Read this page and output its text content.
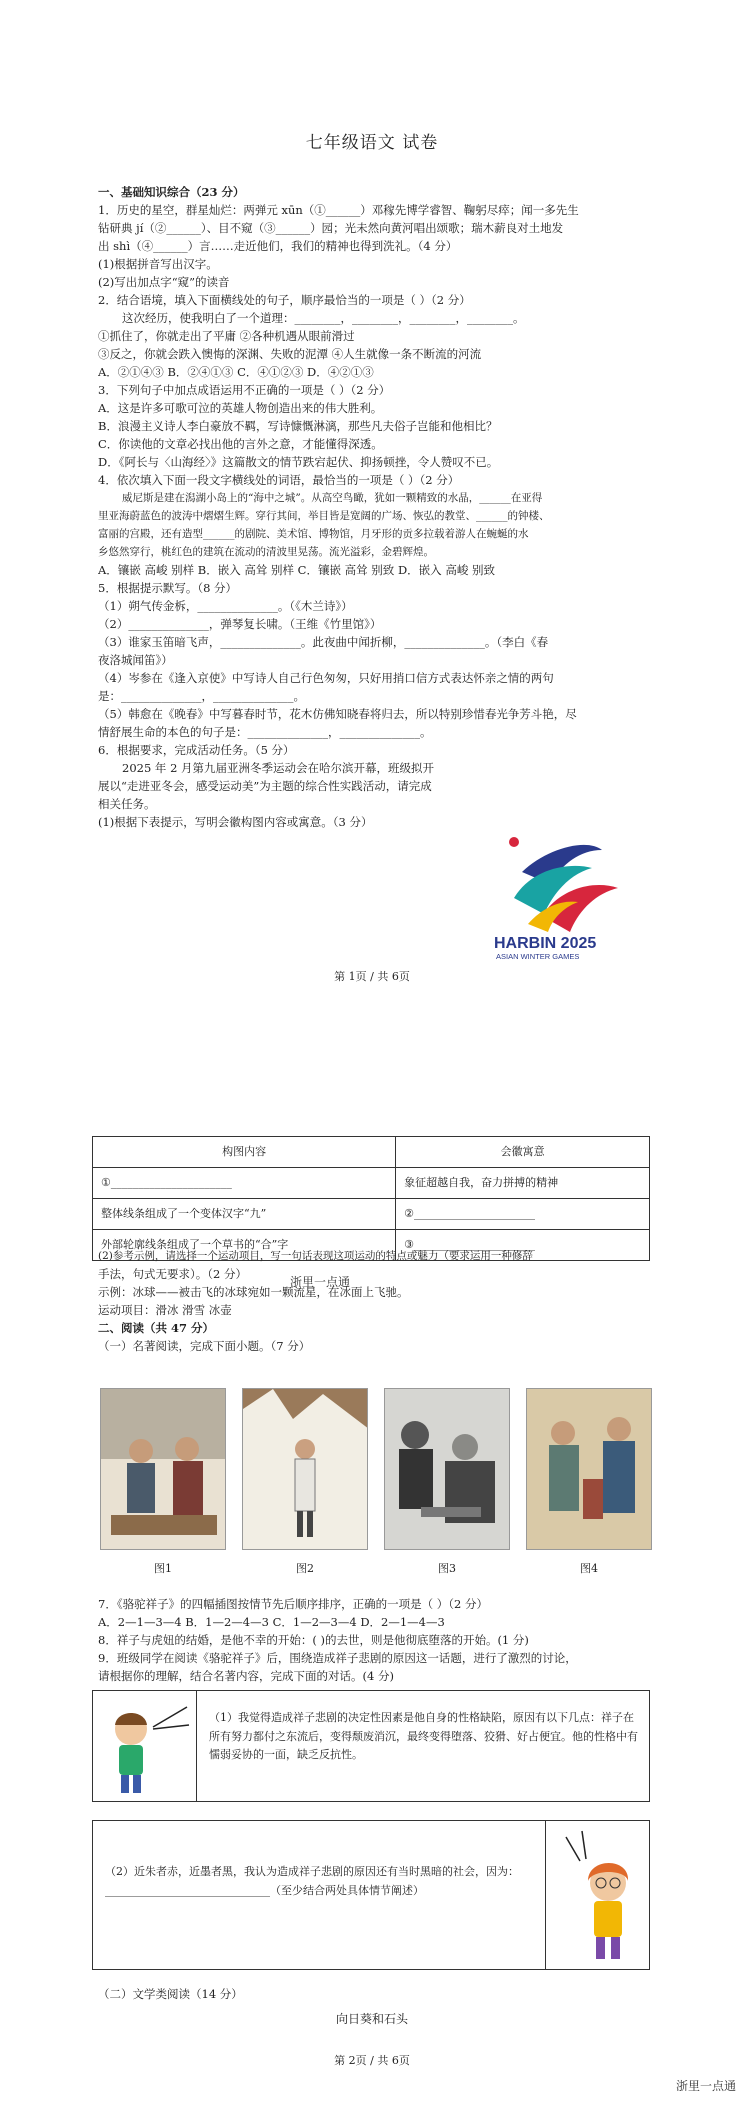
七年级语文 试卷
一、基础知识综合（23 分）
1．历史的星空，群星灿烂：两弹元 xūn（①______）邓稼先博学睿智、鞠躬尽瘁；闻一多先生
钻研典 jí（②______）、目不窥（③______）园；光未然向黄河唱出颂歌；瑞木薪良对土地发
出 shì（④______）言……走近他们，我们的精神也得到洗礼。（4 分）
(1)根据拼音写出汉字。
(2)写出加点字“窥”的读音
2．结合语境，填入下面横线处的句子，顺序最恰当的一项是（ ）（2 分）
这次经历，使我明白了一个道理：________，________，________，________。
①抓住了，你就走出了平庸 ②各种机遇从眼前滑过
③反之，你就会跌入懊悔的深渊、失败的泥潭 ④人生就像一条不断流的河流
A．②①④③ B．②④①③ C．④①②③ D．④②①③
3．下列句子中加点成语运用不正确的一项是（ ）（2 分）
A．这是许多可歌可泣的英雄人物创造出来的伟大胜利。
B．浪漫主义诗人李白豪放不羁，写诗慷慨淋漓，那些凡夫俗子岂能和他相比？
C．你读他的文章必找出他的言外之意，才能懂得深透。
D．《阿长与〈山海经〉》这篇散文的情节跌宕起伏、抑扬顿挫，令人赞叹不已。
4．依次填入下面一段文字横线处的词语，最恰当的一项是（ ）（2 分）
威尼斯是建在潟湖小岛上的“海中之城”。从高空鸟瞰，犹如一颗精致的水晶，______在亚得
里亚海蔚蓝色的波涛中熠熠生辉。穿行其间，举目皆是宽阔的广场、恢弘的教堂、______的钟楼、
富丽的宫殿，还有造型______的剧院、美术馆、博物馆，月牙形的贡多拉载着游人在蜿蜒的水
乡悠然穿行，桃红色的建筑在流动的清波里晃荡。流光溢彩，金碧辉煌。
A．镶嵌 高峻 别样 B．嵌入 高耸 别样 C．镶嵌 高耸 别致 D．嵌入 高峻 别致
5．根据提示默写。（8 分）
（1）朔气传金柝，______________。（《木兰诗》）
（2）______________，弹琴复长啸。（王维《竹里馆》）
（3）谁家玉笛暗飞声，______________。此夜曲中闻折柳，______________。（李白《春
夜洛城闻笛》）
（4）岑参在《逢入京使》中写诗人自己行色匆匆，只好用捎口信方式表达怀亲之情的两句
是：______________，______________。
（5）韩愈在《晚春》中写暮春时节，花木仿佛知晓春将归去，所以特别珍惜春光争芳斗艳，尽
情舒展生命的本色的句子是：______________，______________。
6．根据要求，完成活动任务。（5 分）
2025 年 2 月第九届亚洲冬季运动会在哈尔滨开幕，班级拟开
展以“走进亚冬会，感受运动美”为主题的综合性实践活动，请完成
相关任务。
(1)根据下表提示，写明会徽构图内容或寓意。（3 分）
HARBIN 2025
ASIAN WINTER GAMES
第 1页 / 共 6页
构图内容	会徽寓意
①______________________	象征超越自我，奋力拼搏的精神
整体线条组成了一个变体汉字“九”	②______________________
外部轮廓线条组成了一个草书的“合”字	③______________________
(2)参考示例，请选择一个运动项目，写一句话表现这项运动的特点或魅力（要求运用一种修辞
手法，句式无要求）。（2 分）
示例：冰球——被击飞的冰球宛如一颗流星，在冰面上飞驰。
运动项目：滑冰 滑雪 冰壶
二、阅读（共 47 分）
（一）名著阅读，完成下面小题。（7 分）
浙里一点通
图1	图2	图3	图4
7．《骆驼祥子》的四幅插图按情节先后顺序排序，正确的一项是（ ）（2 分）
A．2—1—3—4 B．1—2—4—3 C．1—2—3—4 D．2—1—4—3
8．祥子与虎妞的结婚，是他不幸的开始：( )的去世，则是他彻底堕落的开始。(1 分)
9．班级同学在阅读《骆驼祥子》后，围绕造成祥子悲剧的原因这一话题，进行了激烈的讨论，
请根据你的理解，结合名著内容，完成下面的对话。(4 分)
（1）我觉得造成祥子悲剧的决定性因素是他自身的性格缺陷，原因有以下几点：祥子在所有努力都付之东流后，变得颓废消沉，最终变得堕落、狡猾、好占便宜。他的性格中有懦弱妥协的一面，缺乏反抗性。
（2）近朱者赤，近墨者黑，我认为造成祥子悲剧的原因还有当时黑暗的社会，因为：______________________________（至少结合两处具体情节阐述）
（二）文学类阅读（14 分）
向日葵和石头
第 2页 / 共 6页
浙里一点通
